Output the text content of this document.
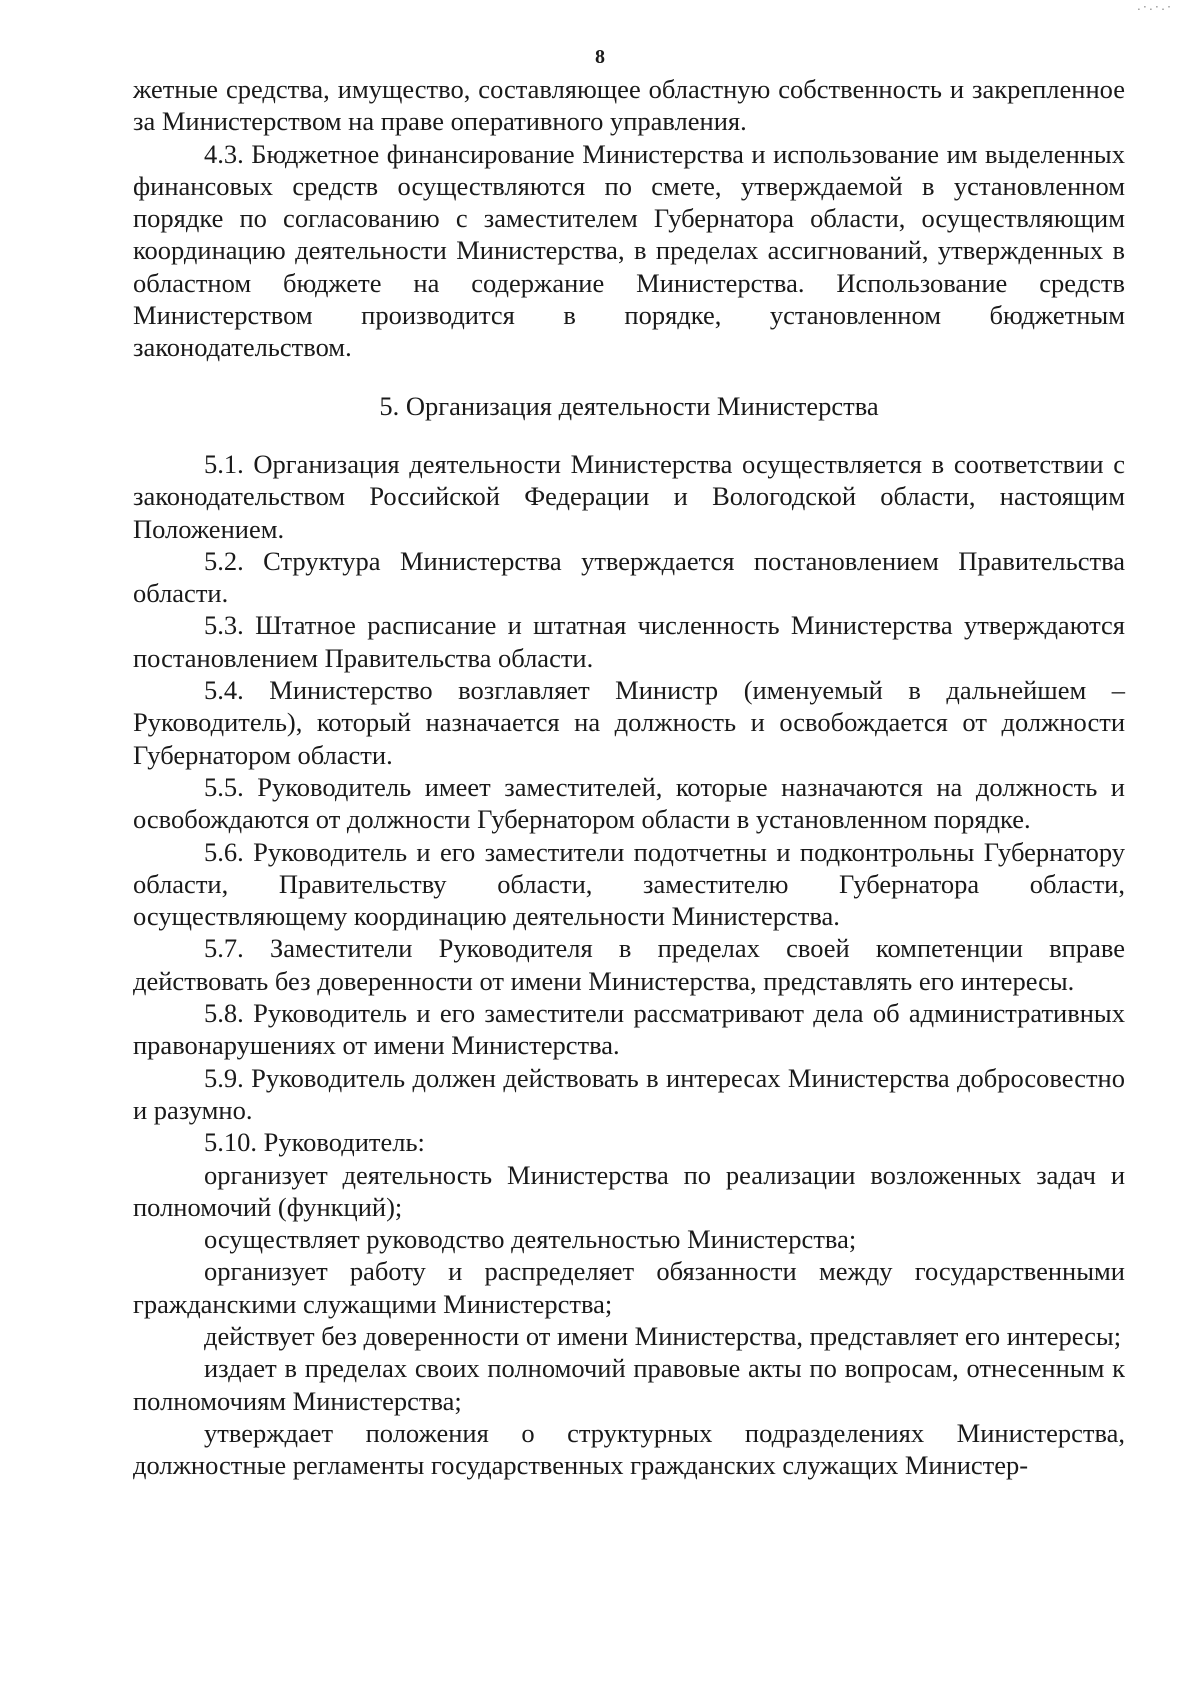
.·.·.·
8

жетные средства, имущество, составляющее областную собственность и закрепленное за Министерством на праве оперативного управления.

4.3. Бюджетное финансирование Министерства и использование им выделенных финансовых средств осуществляются по смете, утверждаемой в установленном порядке по согласованию с заместителем Губернатора области, осуществляющим координацию деятельности Министерства, в пределах ассигнований, утвержденных в областном бюджете на содержание Министерства. Использование средств Министерством производится в порядке, установленном бюджетным законодательством.

5. Организация деятельности Министерства

5.1. Организация деятельности Министерства осуществляется в соответствии с законодательством Российской Федерации и Вологодской области, настоящим Положением.

5.2. Структура Министерства утверждается постановлением Правительства области.

5.3. Штатное расписание и штатная численность Министерства утверждаются постановлением Правительства области.

5.4. Министерство возглавляет Министр (именуемый в дальнейшем – Руководитель), который назначается на должность и освобождается от должности Губернатором области.

5.5. Руководитель имеет заместителей, которые назначаются на должность и освобождаются от должности Губернатором области в установленном порядке.

5.6. Руководитель и его заместители подотчетны и подконтрольны Губернатору области, Правительству области, заместителю Губернатора области, осуществляющему координацию деятельности Министерства.

5.7. Заместители Руководителя в пределах своей компетенции вправе действовать без доверенности от имени Министерства, представлять его интересы.

5.8. Руководитель и его заместители рассматривают дела об административных правонарушениях от имени Министерства.

5.9. Руководитель должен действовать в интересах Министерства добросовестно и разумно.

5.10. Руководитель:

организует деятельность Министерства по реализации возложенных задач и полномочий (функций);

осуществляет руководство деятельностью Министерства;

организует работу и распределяет обязанности между государственными гражданскими служащими Министерства;

действует без доверенности от имени Министерства, представляет его интересы;

издает в пределах своих полномочий правовые акты по вопросам, отнесенным к полномочиям Министерства;

утверждает положения о структурных подразделениях Министерства, должностные регламенты государственных гражданских служащих Министер-
